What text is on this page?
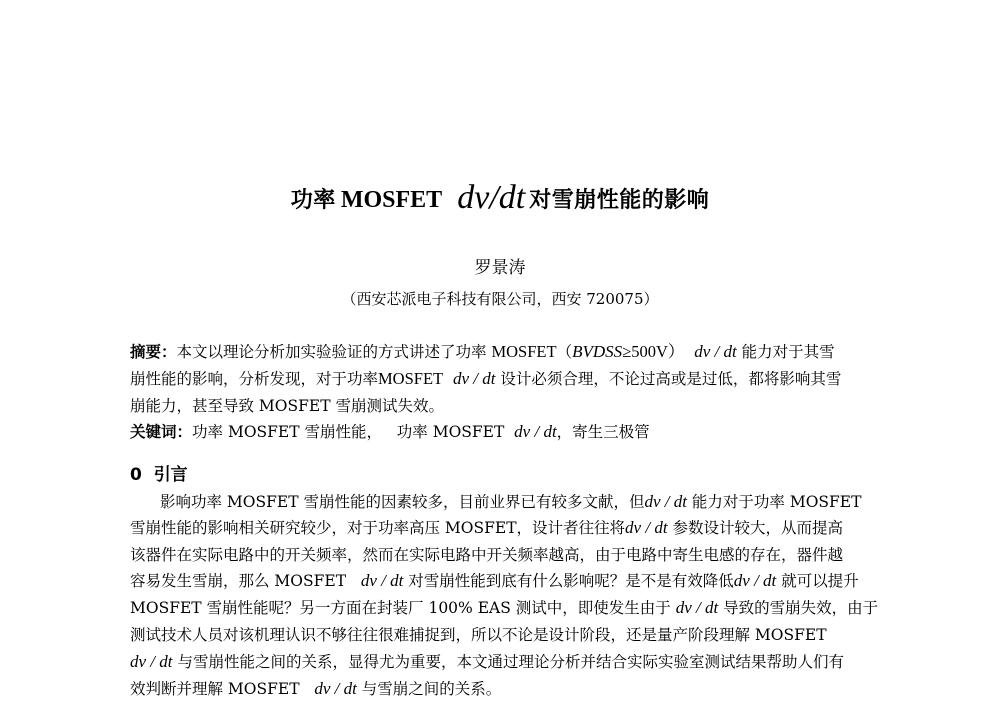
功率 MOSFET dv/dt 对雪崩性能的影响
罗景涛
（西安芯派电子科技有限公司，西安 720075）
摘要：本文以理论分析加实验验证的方式讲述了功率 MOSFET（BVDSS≥500V） dv / dt 能力对于其雪
崩性能的影响，分析发现，对于功率MOSFET dv / dt 设计必须合理，不论过高或是过低，都将影响其雪
崩能力，甚至导致 MOSFET 雪崩测试失效。
关键词：功率 MOSFET 雪崩性能， 功率 MOSFET dv / dt，寄生三极管
0 引言
影响功率 MOSFET 雪崩性能的因素较多，目前业界已有较多文献，但dv / dt 能力对于功率 MOSFET
雪崩性能的影响相关研究较少，对于功率高压 MOSFET，设计者往往将dv / dt 参数设计较大，从而提高
该器件在实际电路中的开关频率，然而在实际电路中开关频率越高，由于电路中寄生电感的存在，器件越
容易发生雪崩，那么 MOSFET dv / dt 对雪崩性能到底有什么影响呢？是不是有效降低dv / dt 就可以提升
MOSFET 雪崩性能呢？另一方面在封装厂 100% EAS 测试中，即使发生由于 dv / dt 导致的雪崩失效，由于
测试技术人员对该机理认识不够往往很难捕捉到，所以不论是设计阶段，还是量产阶段理解 MOSFET
dv / dt 与雪崩性能之间的关系，显得尤为重要，本文通过理论分析并结合实际实验室测试结果帮助人们有
效判断并理解 MOSFET dv / dt 与雪崩之间的关系。
